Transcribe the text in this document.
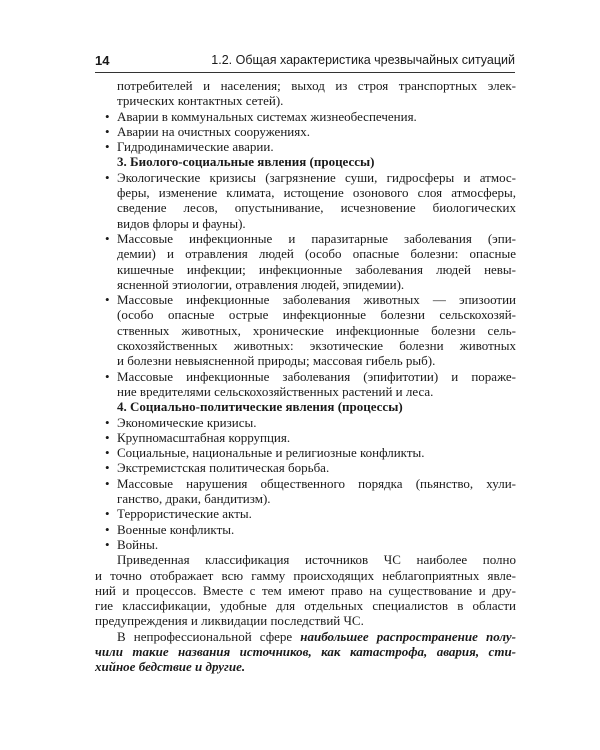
14	1.2. Общая характеристика чрезвычайных ситуаций
потребителей и населения; выход из строя транспортных элек-
трических контактных сетей).
• Аварии в коммунальных системах жизнеобеспечения.
• Аварии на очистных сооружениях.
• Гидродинамические аварии.
3. Биолого-социальные явления (процессы)
• Экологические кризисы (загрязнение суши, гидросферы и атмос-
феры, изменение климата, истощение озонового слоя атмосферы,
сведение лесов, опустынивание, исчезновение биологических
видов флоры и фауны).
• Массовые инфекционные и паразитарные заболевания (эпи-
демии) и отравления людей (особо опасные болезни: опасные
кишечные инфекции; инфекционные заболевания людей невы-
ясненной этиологии, отравления людей, эпидемии).
• Массовые инфекционные заболевания животных — эпизоотии
(особо опасные острые инфекционные болезни сельскохозяй-
ственных животных, хронические инфекционные болезни сель-
скохозяйственных животных: экзотические болезни животных
и болезни невыясненной природы; массовая гибель рыб).
• Массовые инфекционные заболевания (эпифитотии) и пораже-
ние вредителями сельскохозяйственных растений и леса.
4. Социально-политические явления (процессы)
• Экономические кризисы.
• Крупномасштабная коррупция.
• Социальные, национальные и религиозные конфликты.
• Экстремистская политическая борьба.
• Массовые нарушения общественного порядка (пьянство, хули-
ганство, драки, бандитизм).
• Террористические акты.
• Военные конфликты.
• Войны.
Приведенная классификация источников ЧС наиболее полно
и точно отображает всю гамму происходящих неблагоприятных явле-
ний и процессов. Вместе с тем имеют право на существование и дру-
гие классификации, удобные для отдельных специалистов в области
предупреждения и ликвидации последствий ЧС.
В непрофессиональной сфере наибольшее распространение полу-
чили такие названия источников, как катастрофа, авария, сти-
хийное бедствие и другие.
